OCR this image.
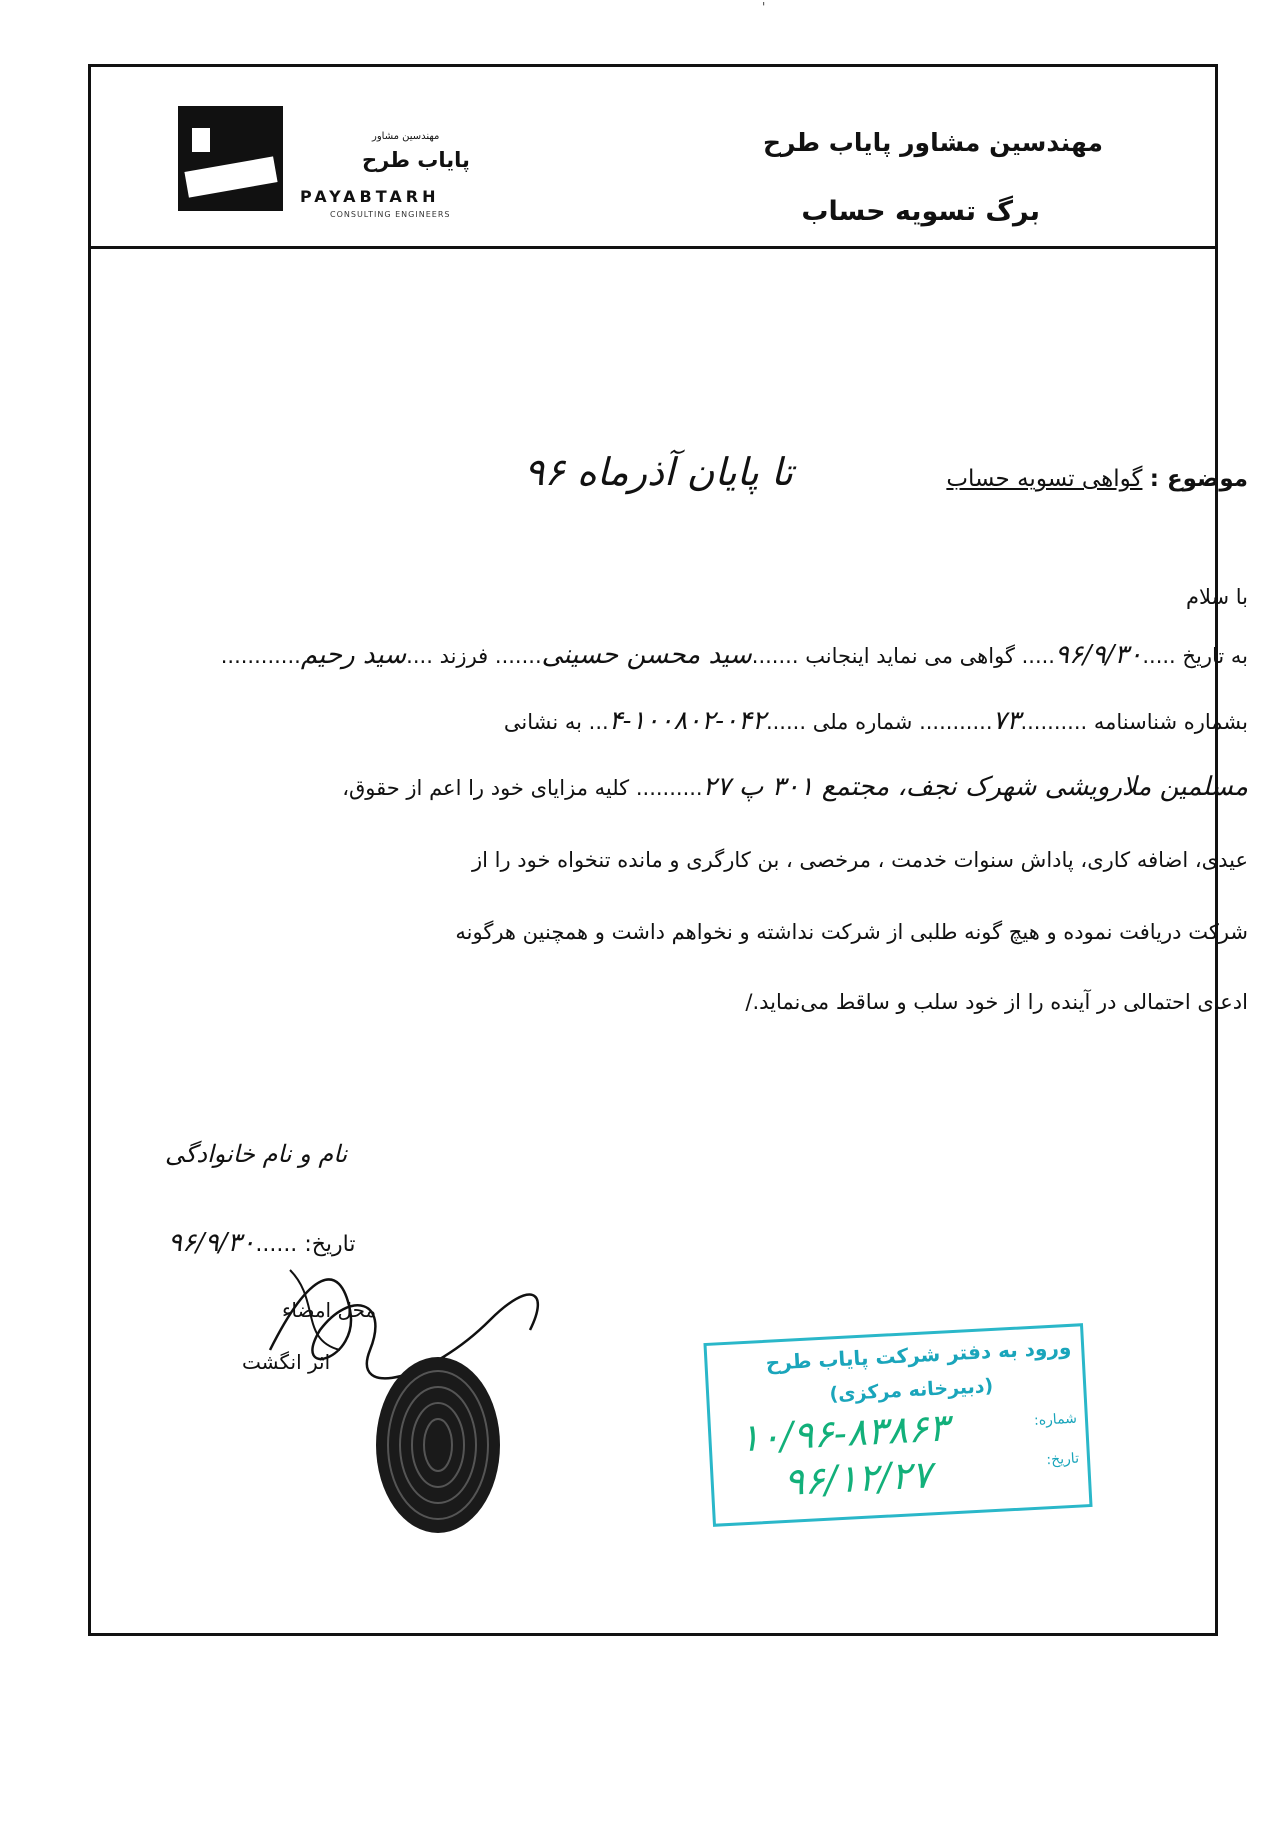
'
مهندسین مشاور پایاب طرح
برگ تسویه حساب
مهندسین مشاور
پایاب طرح
PAYABTARH
CONSULTING ENGINEERS
موضوع : گواهی تسویه حساب
تا پایان آذرماه ۹۶
با سلام
به تاریخ .....۹۶/۹/۳۰..... گواهی می نماید اینجانب .......سید محسن حسینی....... فرزند ....سید رحیم............
بشماره شناسنامه ..........۷۳........... شماره ملی ......۰۴۲-۱۰۰۸۰۲-۴... به نشانی
مسلمین ملارویشی شهرک نجف، مجتمع ۳۰۱ پ ۲۷.......... کلیه مزایای خود را اعم از حقوق،
عیدی، اضافه کاری، پاداش سنوات خدمت ، مرخصی ، بن کارگری و مانده تنخواه خود را از
شرکت دریافت نموده و هیچ گونه طلبی از شرکت نداشته و نخواهم داشت و همچنین هرگونه
ادعای احتمالی در آینده را از خود سلب و ساقط می‌نماید./
نام و نام خانوادگی
تاریخ: ......۹۶/۹/۳۰
محل امضاء
اثر انگشت	ورود به دفتر شرکت پایاب طرح
(دبیرخانه مرکزی)
شماره:
تاریخ:
۱۰/۹۶-۸۳۸۶۳
۹۶/۱۲/۲۷
